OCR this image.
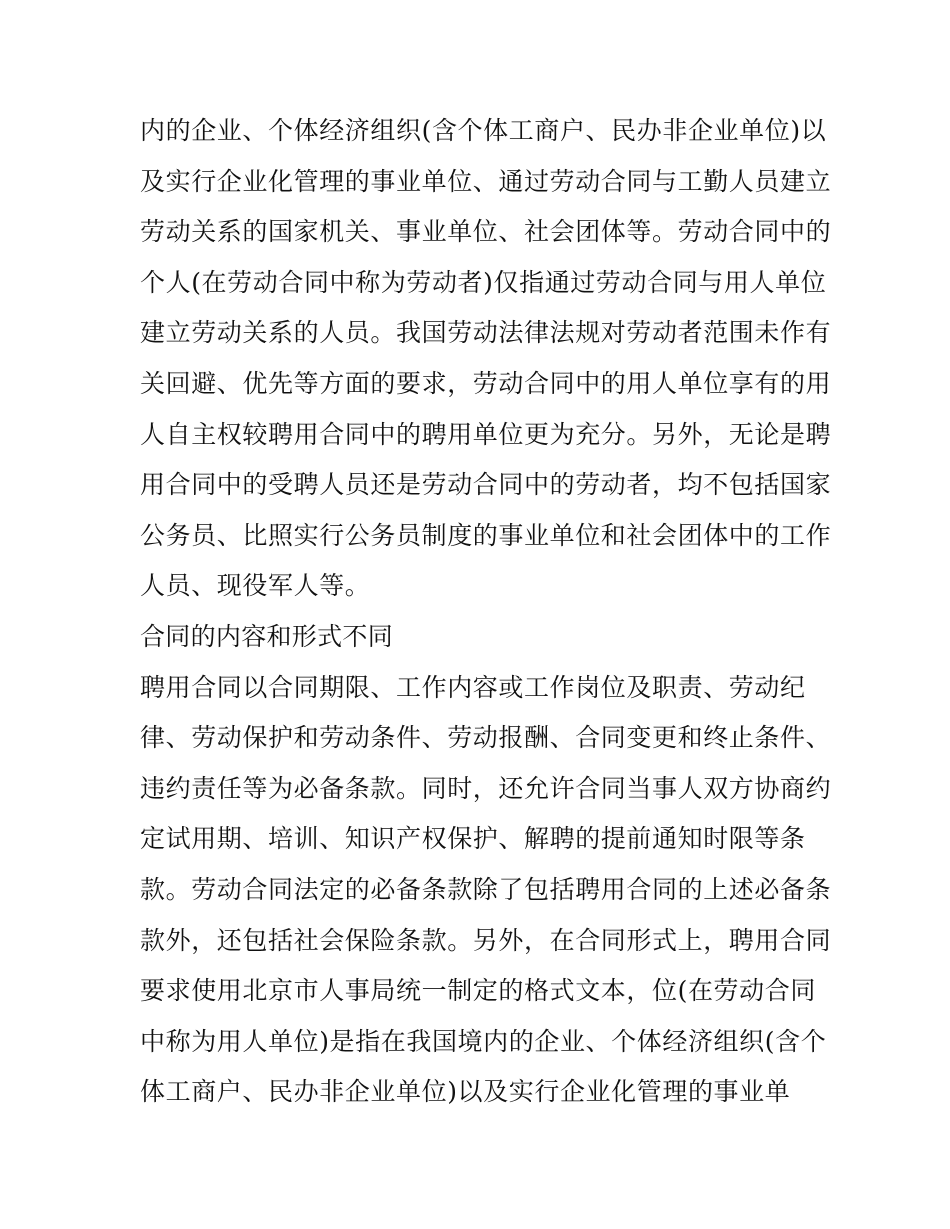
内的企业、个体经济组织(含个体工商户、民办非企业单位)以
及实行企业化管理的事业单位、通过劳动合同与工勤人员建立
劳动关系的国家机关、事业单位、社会团体等。劳动合同中的
个人(在劳动合同中称为劳动者)仅指通过劳动合同与用人单位
建立劳动关系的人员。我国劳动法律法规对劳动者范围未作有
关回避、优先等方面的要求，劳动合同中的用人单位享有的用
人自主权较聘用合同中的聘用单位更为充分。另外，无论是聘
用合同中的受聘人员还是劳动合同中的劳动者，均不包括国家
公务员、比照实行公务员制度的事业单位和社会团体中的工作
人员、现役军人等。
合同的内容和形式不同
聘用合同以合同期限、工作内容或工作岗位及职责、劳动纪
律、劳动保护和劳动条件、劳动报酬、合同变更和终止条件、
违约责任等为必备条款。同时，还允许合同当事人双方协商约
定试用期、培训、知识产权保护、解聘的提前通知时限等条
款。劳动合同法定的必备条款除了包括聘用合同的上述必备条
款外，还包括社会保险条款。另外，在合同形式上，聘用合同
要求使用北京市人事局统一制定的格式文本，位(在劳动合同
中称为用人单位)是指在我国境内的企业、个体经济组织(含个
体工商户、民办非企业单位)以及实行企业化管理的事业单
